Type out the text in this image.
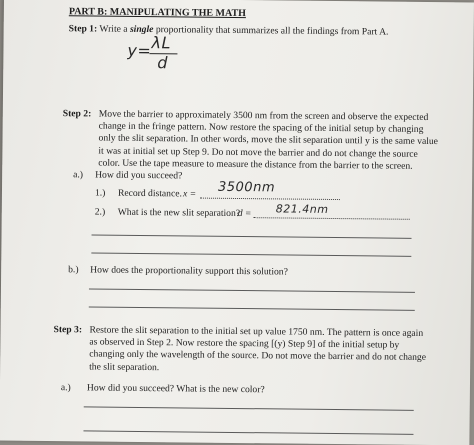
PART B: MANIPULATING THE MATH
Step 1: Write a single proportionality that summarizes all the findings from Part A.
y= λL
d
Step 2: Move the barrier to approximately 3500 nm from the screen and observe the expected
change in the fringe pattern. Now restore the spacing of the initial setup by changing
only the slit separation. In other words, move the slit separation until y is the same value
it was at initial set up Step 9. Do not move the barrier and do not change the source
color. Use the tape measure to measure the distance from the barrier to the screen.
a.) How did you succeed?
1.) Record distance. x = 3500nm
2.) What is the new slit separation?
d = 821.4nm
b.) How does the proportionality support this solution?
Step 3: Restore the slit separation to the initial set up value 1750 nm. The pattern is once again
as observed in Step 2. Now restore the spacing [(y) Step 9] of the initial setup by
changing only the wavelength of the source. Do not move the barrier and do not change
the slit separation.
a.) How did you succeed? What is the new color?
